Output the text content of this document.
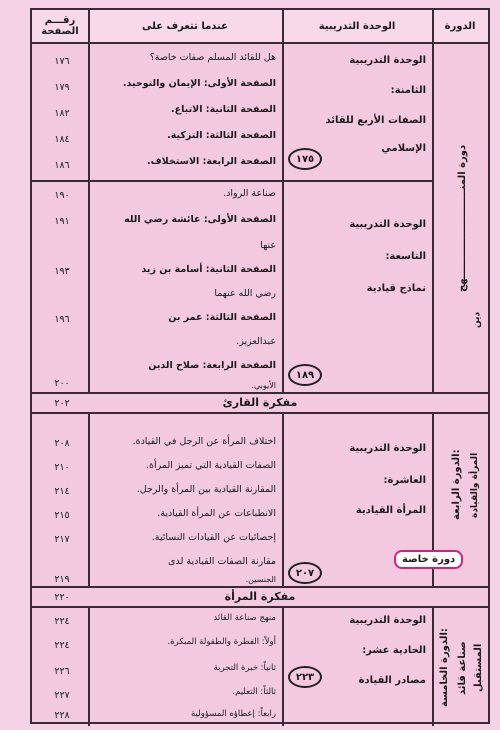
الدورة
الوحدة التدريبية
عندما تتعرف على
رقـــم الصفحة
الوحدة التدريبية
الثامنة:
الصفات الأربع للقائد
الإسلامي
١٧٥
هل للقائد المسلم صفات خاصة؟
الصفحة الأولى: الإيمان والتوحيد.
الصفحة الثانية: الاتباع.
الصفحة الثالثة: التزكية.
الصفحة الرابعة: الاستخلاف.
١٧٦
١٧٩
١٨٢
١٨٤
١٨٦
الوحدة التدريبية
التاسعة:
نماذج قيادية
١٨٩
صناعة الرواد.
الصفحة الأولى: عائشة رضي الله
عنها
الصفحة الثانية: أسامة بن زيد
رضي الله عنهما
الصفحة الثالثة: عمر بن
عبدالعزيز.
الصفحة الرابعة: صلاح الدين
الأيوبي.
١٩٠
١٩١
١٩٣
١٩٦
٢٠٠
دورة المنــــــــــــــــــــــــــهج
دين
مفكرة القارئ
٢٠٢
الوحدة التدريبية
العاشرة:
المرأة القيادية
٢٠٧
اختلاف المرأة عن الرجل في القيادة.
الصفات القيادية التي تميز المرأة.
المقارنة القيادية بين المرأة والرجل.
الانطباعات عن المرأة القيادية.
إحصائيات عن القيادات النسائية.
مقارنة الصفات القيادية لدى
الجنسين.
٢٠٨
٢١٠
٢١٤
٢١٥
٢١٧
٢١٩
الدورة الرابعة:
المرأة والقيادة
دورة خاصة
مفكرة المرأة
٢٢٠
الوحدة التدريبية
الحادية عشر:
مصادر القيادة
٢٢٣
منهج صناعة القائد
أولاً: الفطرة والطفولة المبكرة.
ثانياً: خبرة التجربة
ثالثاً: التعليم.
رابعاً: إعطاؤه المسؤولية
٢٢٤
٢٢٤
٢٢٦
٢٢٧
٢٢٨
الدورة الخامسة:
صناعة قائد المستقبل
